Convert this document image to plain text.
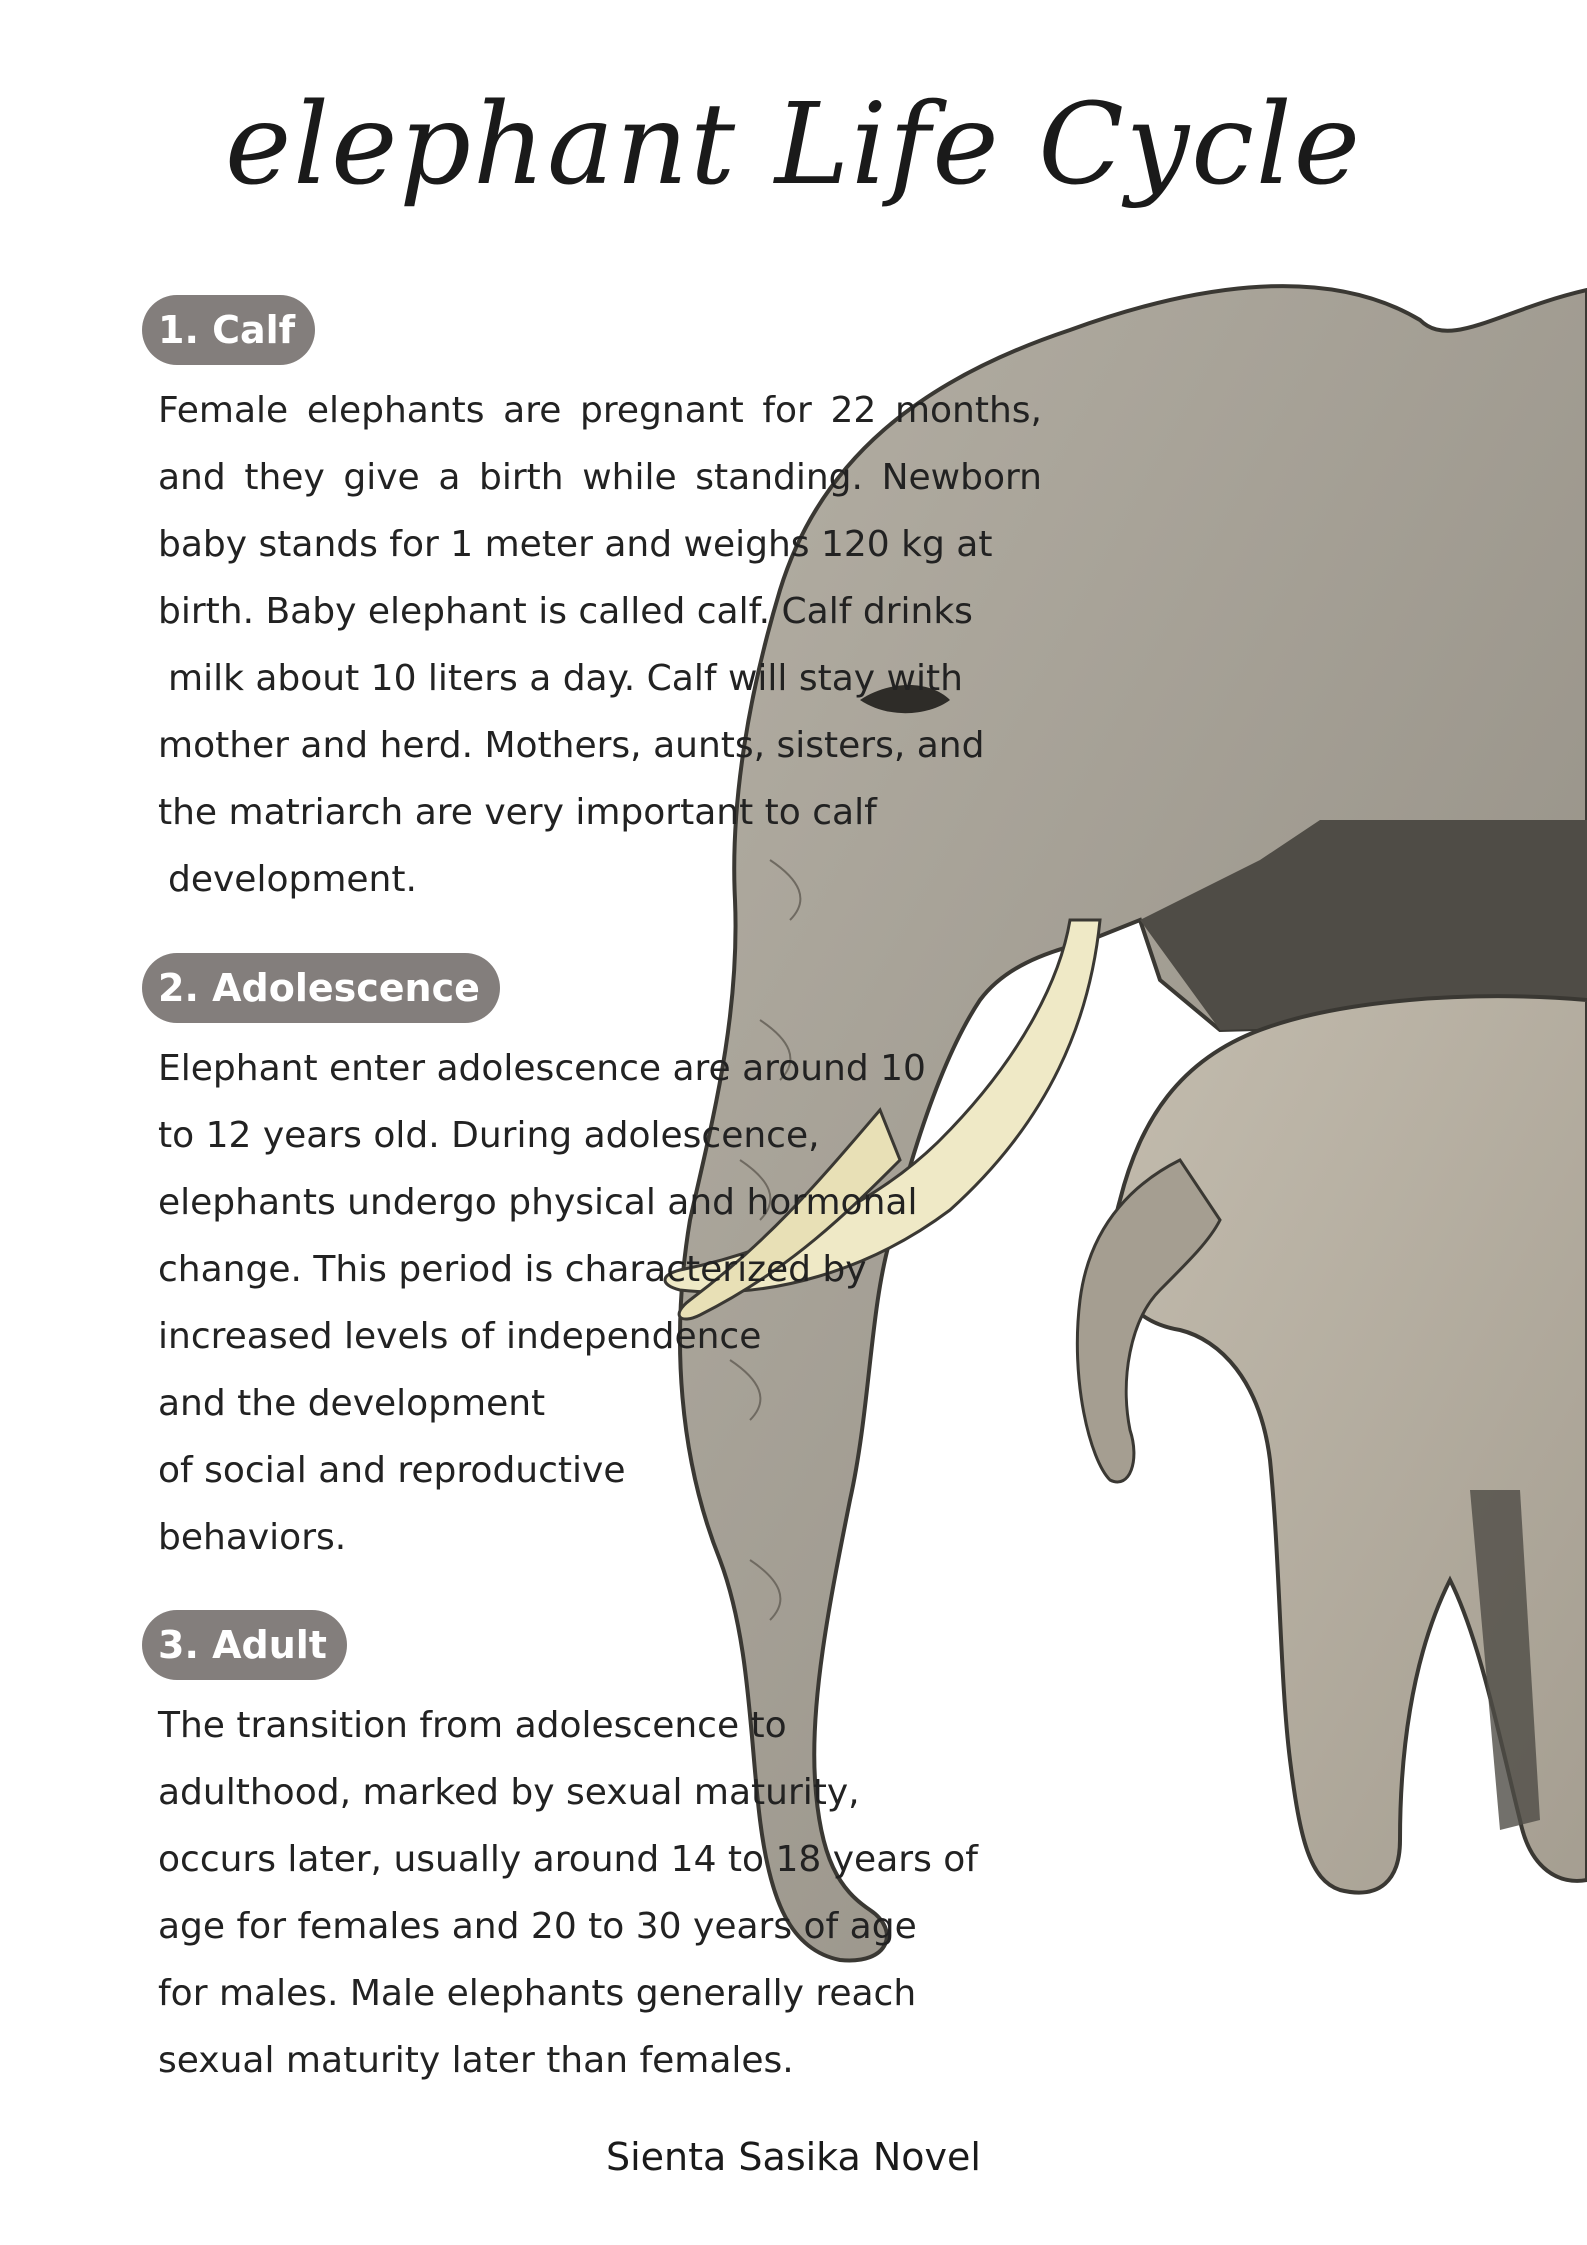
elephant Life Cycle
1. Calf
Female elephants are pregnant for 22 months,
and they give a birth while standing. Newborn
baby stands for 1 meter and weighs 120 kg at
birth. Baby elephant is called calf. Calf drinks
milk about 10 liters a day. Calf will stay with
mother and herd. Mothers, aunts, sisters, and
the matriarch are very important to calf
development.
2. Adolescence
Elephant enter adolescence are around 10
to 12 years old. During adolescence,
elephants undergo physical and hormonal
change. This period is characterized by
increased levels of independence
and the development
of social and reproductive
behaviors.
3. Adult
The transition from adolescence to
adulthood, marked by sexual maturity,
occurs later, usually around 14 to 18 years of
age for females and 20 to 30 years of age
for males. Male elephants generally reach
sexual maturity later than females.
Sienta Sasika Novel
